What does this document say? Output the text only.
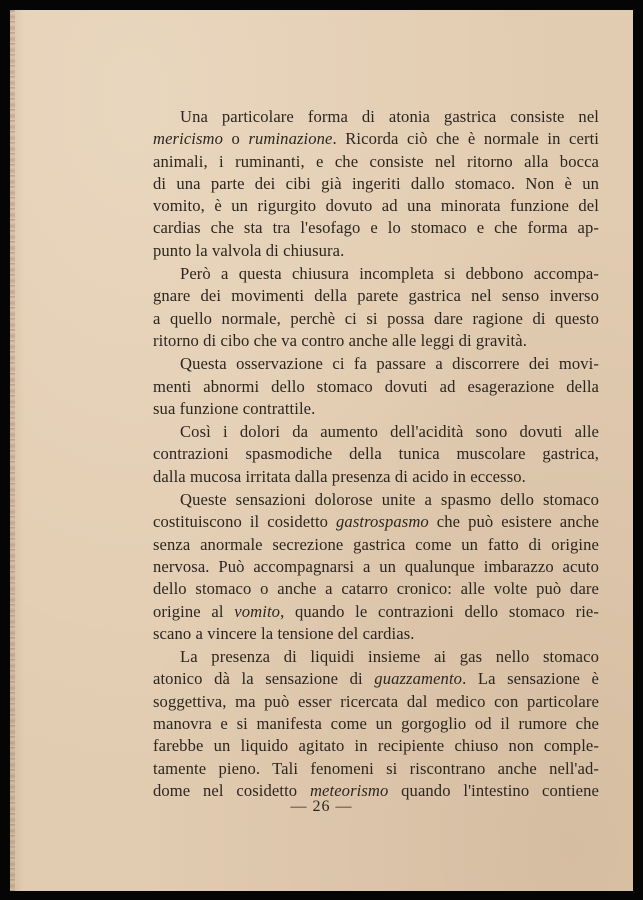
Una particolare forma di atonia gastrica consiste nel
mericismo o ruminazione. Ricorda ciò che è normale in certi
animali, i ruminanti, e che consiste nel ritorno alla bocca
di una parte dei cibi già ingeriti dallo stomaco. Non è un
vomito, è un rigurgito dovuto ad una minorata funzione del
cardias che sta tra l'esofago e lo stomaco e che forma ap-
punto la valvola di chiusura.
Però a questa chiusura incompleta si debbono accompa-
gnare dei movimenti della parete gastrica nel senso inverso
a quello normale, perchè ci si possa dare ragione di questo
ritorno di cibo che va contro anche alle leggi di gravità.
Questa osservazione ci fa passare a discorrere dei movi-
menti abnormi dello stomaco dovuti ad esagerazione della
sua funzione contrattile.
Così i dolori da aumento dell'acidità sono dovuti alle
contrazioni spasmodiche della tunica muscolare gastrica,
dalla mucosa irritata dalla presenza di acido in eccesso.
Queste sensazioni dolorose unite a spasmo dello stomaco
costituiscono il cosidetto gastrospasmo che può esistere anche
senza anormale secrezione gastrica come un fatto di origine
nervosa. Può accompagnarsi a un qualunque imbarazzo acuto
dello stomaco o anche a catarro cronico: alle volte può dare
origine al vomito, quando le contrazioni dello stomaco rie-
scano a vincere la tensione del cardias.
La presenza di liquidi insieme ai gas nello stomaco
atonico dà la sensazione di guazzamento. La sensazione è
soggettiva, ma può esser ricercata dal medico con particolare
manovra e si manifesta come un gorgoglio od il rumore che
farebbe un liquido agitato in recipiente chiuso non comple-
tamente pieno. Tali fenomeni si riscontrano anche nell'ad-
dome nel cosidetto meteorismo quando l'intestino contiene
— 26 —
